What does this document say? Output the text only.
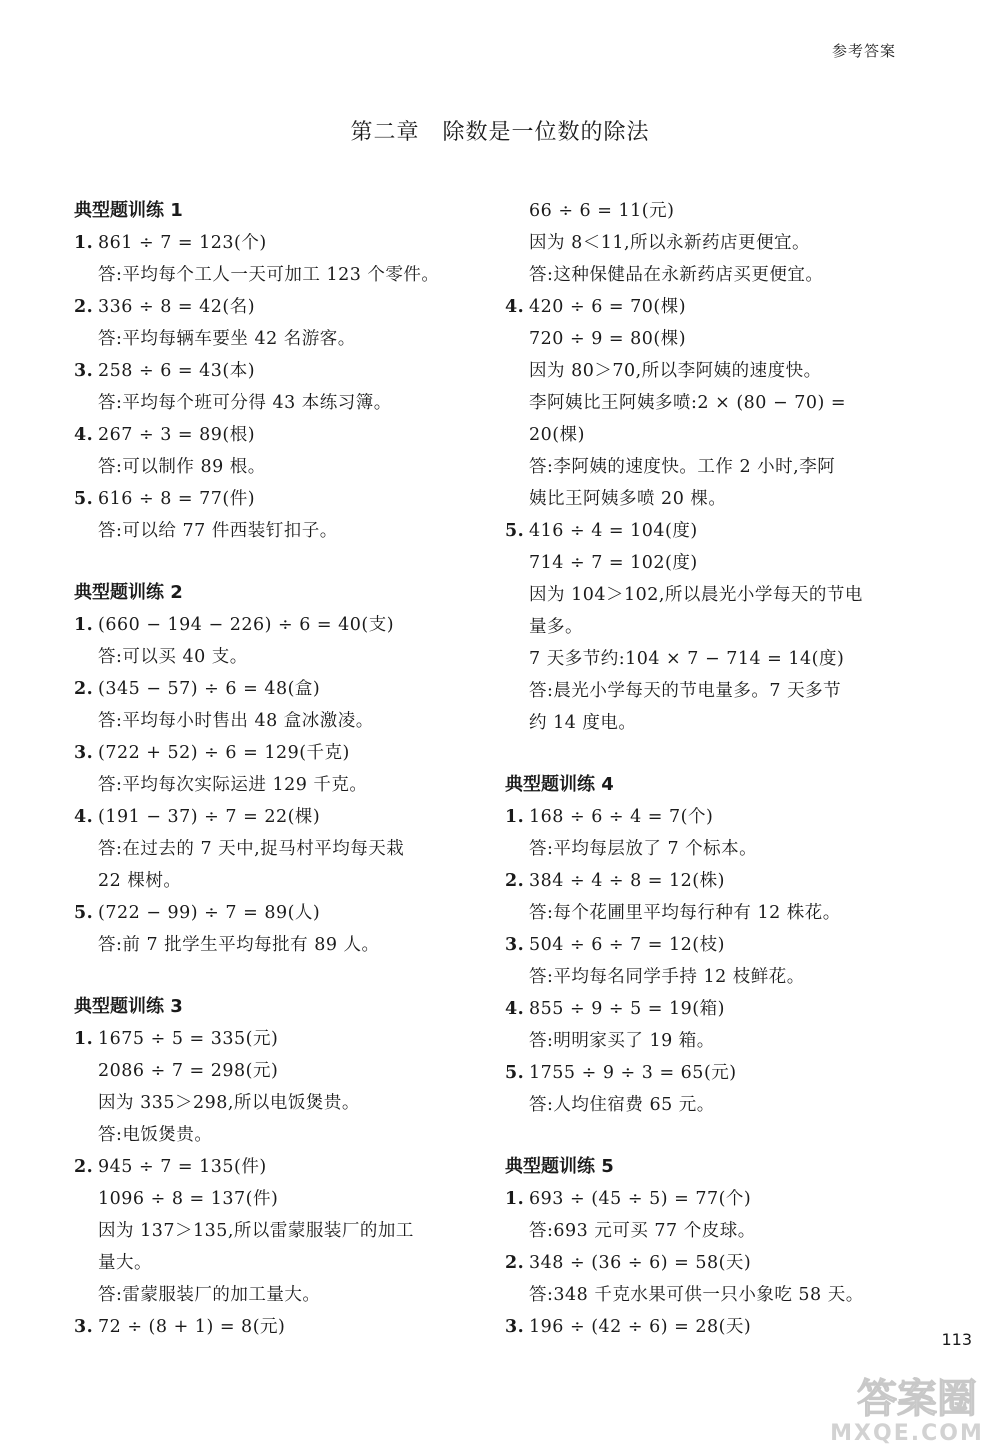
参考答案
第二章　除数是一位数的除法
典型题训练 1
1. 861 ÷ 7 = 123(个)
答:平均每个工人一天可加工 123 个零件。
2. 336 ÷ 8 = 42(名)
答:平均每辆车要坐 42 名游客。
3. 258 ÷ 6 = 43(本)
答:平均每个班可分得 43 本练习簿。
4. 267 ÷ 3 = 89(根)
答:可以制作 89 根。
5. 616 ÷ 8 = 77(件)
答:可以给 77 件西装钉扣子。
典型题训练 2
1. (660 − 194 − 226) ÷ 6 = 40(支)
答:可以买 40 支。
2. (345 − 57) ÷ 6 = 48(盒)
答:平均每小时售出 48 盒冰激凌。
3. (722 + 52) ÷ 6 = 129(千克)
答:平均每次实际运进 129 千克。
4. (191 − 37) ÷ 7 = 22(棵)
答:在过去的 7 天中,捉马村平均每天栽
22 棵树。
5. (722 − 99) ÷ 7 = 89(人)
答:前 7 批学生平均每批有 89 人。
典型题训练 3
1. 1675 ÷ 5 = 335(元)
2086 ÷ 7 = 298(元)
因为 335＞298,所以电饭煲贵。
答:电饭煲贵。
2. 945 ÷ 7 = 135(件)
1096 ÷ 8 = 137(件)
因为 137＞135,所以雷蒙服装厂的加工
量大。
答:雷蒙服装厂的加工量大。
3. 72 ÷ (8 + 1) = 8(元)
66 ÷ 6 = 11(元)
因为 8＜11,所以永新药店更便宜。
答:这种保健品在永新药店买更便宜。
4. 420 ÷ 6 = 70(棵)
720 ÷ 9 = 80(棵)
因为 80＞70,所以李阿姨的速度快。
李阿姨比王阿姨多喷:2 × (80 − 70) =
20(棵)
答:李阿姨的速度快。工作 2 小时,李阿
姨比王阿姨多喷 20 棵。
5. 416 ÷ 4 = 104(度)
714 ÷ 7 = 102(度)
因为 104＞102,所以晨光小学每天的节电
量多。
7 天多节约:104 × 7 − 714 = 14(度)
答:晨光小学每天的节电量多。7 天多节
约 14 度电。
典型题训练 4
1. 168 ÷ 6 ÷ 4 = 7(个)
答:平均每层放了 7 个标本。
2. 384 ÷ 4 ÷ 8 = 12(株)
答:每个花圃里平均每行种有 12 株花。
3. 504 ÷ 6 ÷ 7 = 12(枝)
答:平均每名同学手持 12 枝鲜花。
4. 855 ÷ 9 ÷ 5 = 19(箱)
答:明明家买了 19 箱。
5. 1755 ÷ 9 ÷ 3 = 65(元)
答:人均住宿费 65 元。
典型题训练 5
1. 693 ÷ (45 ÷ 5) = 77(个)
答:693 元可买 77 个皮球。
2. 348 ÷ (36 ÷ 6) = 58(天)
答:348 千克水果可供一只小象吃 58 天。
3. 196 ÷ (42 ÷ 6) = 28(天)
113
答案圈
MXQE.COM
